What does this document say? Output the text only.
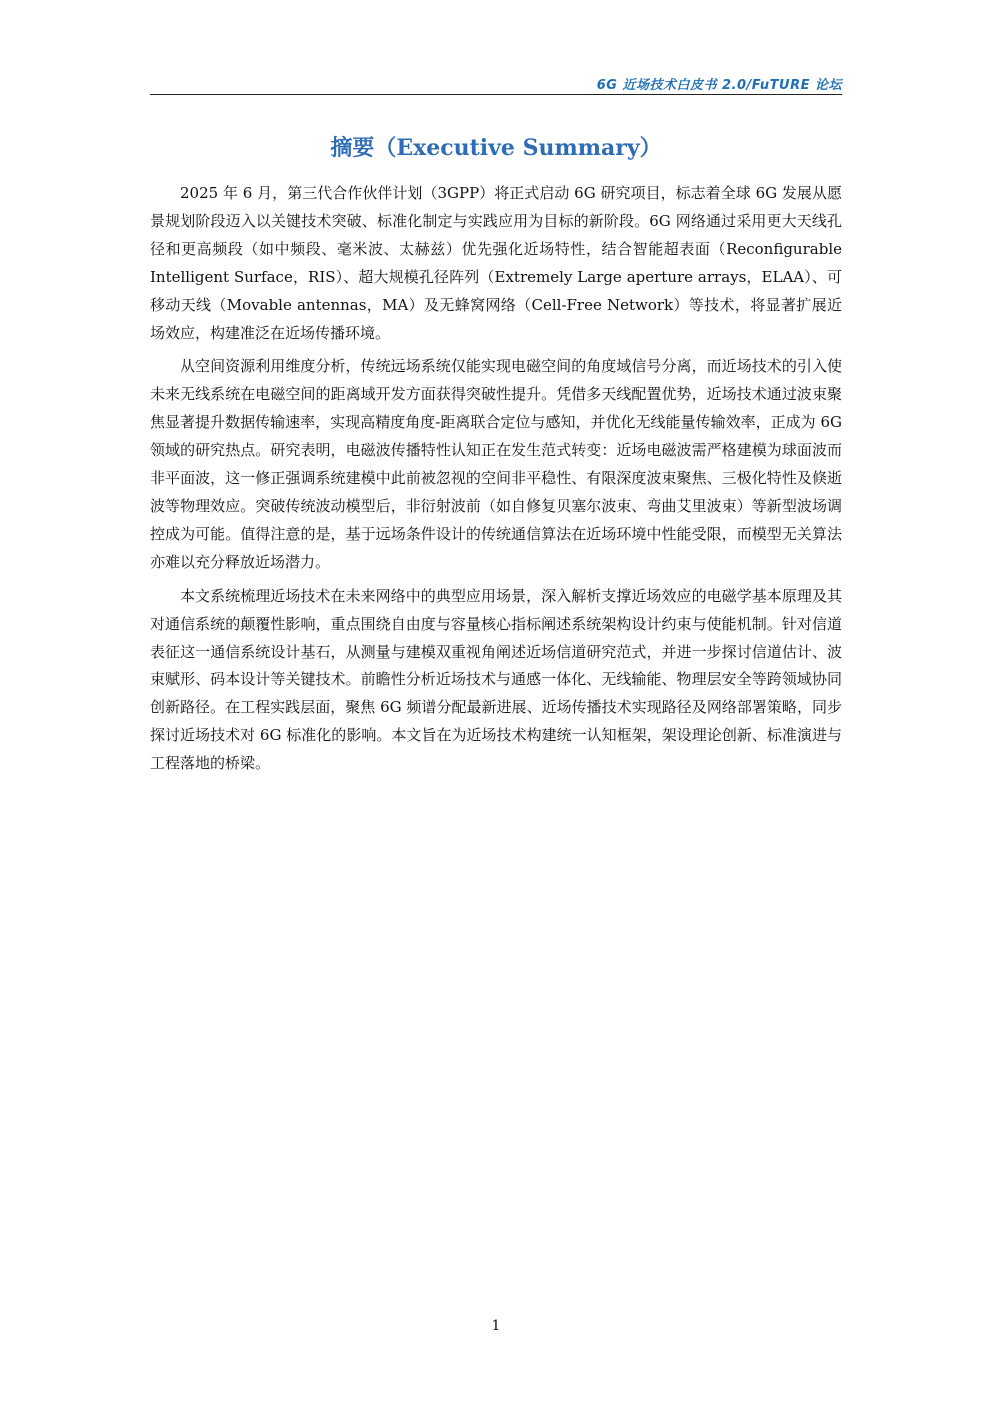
6G 近场技术白皮书 2.0/FuTURE 论坛
摘要（Executive Summary）

2025 年 6 月，第三代合作伙伴计划（3GPP）将正式启动 6G 研究项目，标志着全球 6G 发展从愿景规划阶段迈入以关键技术突破、标准化制定与实践应用为目标的新阶段。6G 网络通过采用更大天线孔径和更高频段（如中频段、毫米波、太赫兹）优先强化近场特性，结合智能超表面（Reconfigurable Intelligent Surface，RIS）、超大规模孔径阵列（Extremely Large aperture arrays，ELAA）、可移动天线（Movable antennas，MA）及无蜂窝网络（Cell-Free Network）等技术，将显著扩展近场效应，构建准泛在近场传播环境。

从空间资源利用维度分析，传统远场系统仅能实现电磁空间的角度域信号分离，而近场技术的引入使未来无线系统在电磁空间的距离域开发方面获得突破性提升。凭借多天线配置优势，近场技术通过波束聚焦显著提升数据传输速率，实现高精度角度-距离联合定位与感知，并优化无线能量传输效率，正成为 6G 领域的研究热点。研究表明，电磁波传播特性认知正在发生范式转变：近场电磁波需严格建模为球面波而非平面波，这一修正强调系统建模中此前被忽视的空间非平稳性、有限深度波束聚焦、三极化特性及倏逝波等物理效应。突破传统波动模型后，非衍射波前（如自修复贝塞尔波束、弯曲艾里波束）等新型波场调控成为可能。值得注意的是，基于远场条件设计的传统通信算法在近场环境中性能受限，而模型无关算法亦难以充分释放近场潜力。

本文系统梳理近场技术在未来网络中的典型应用场景，深入解析支撑近场效应的电磁学基本原理及其对通信系统的颠覆性影响，重点围绕自由度与容量核心指标阐述系统架构设计约束与使能机制。针对信道表征这一通信系统设计基石，从测量与建模双重视角阐述近场信道研究范式，并进一步探讨信道估计、波束赋形、码本设计等关键技术。前瞻性分析近场技术与通感一体化、无线输能、物理层安全等跨领域协同创新路径。在工程实践层面，聚焦 6G 频谱分配最新进展、近场传播技术实现路径及网络部署策略，同步探讨近场技术对 6G 标准化的影响。本文旨在为近场技术构建统一认知框架，架设理论创新、标准演进与工程落地的桥梁。

1
